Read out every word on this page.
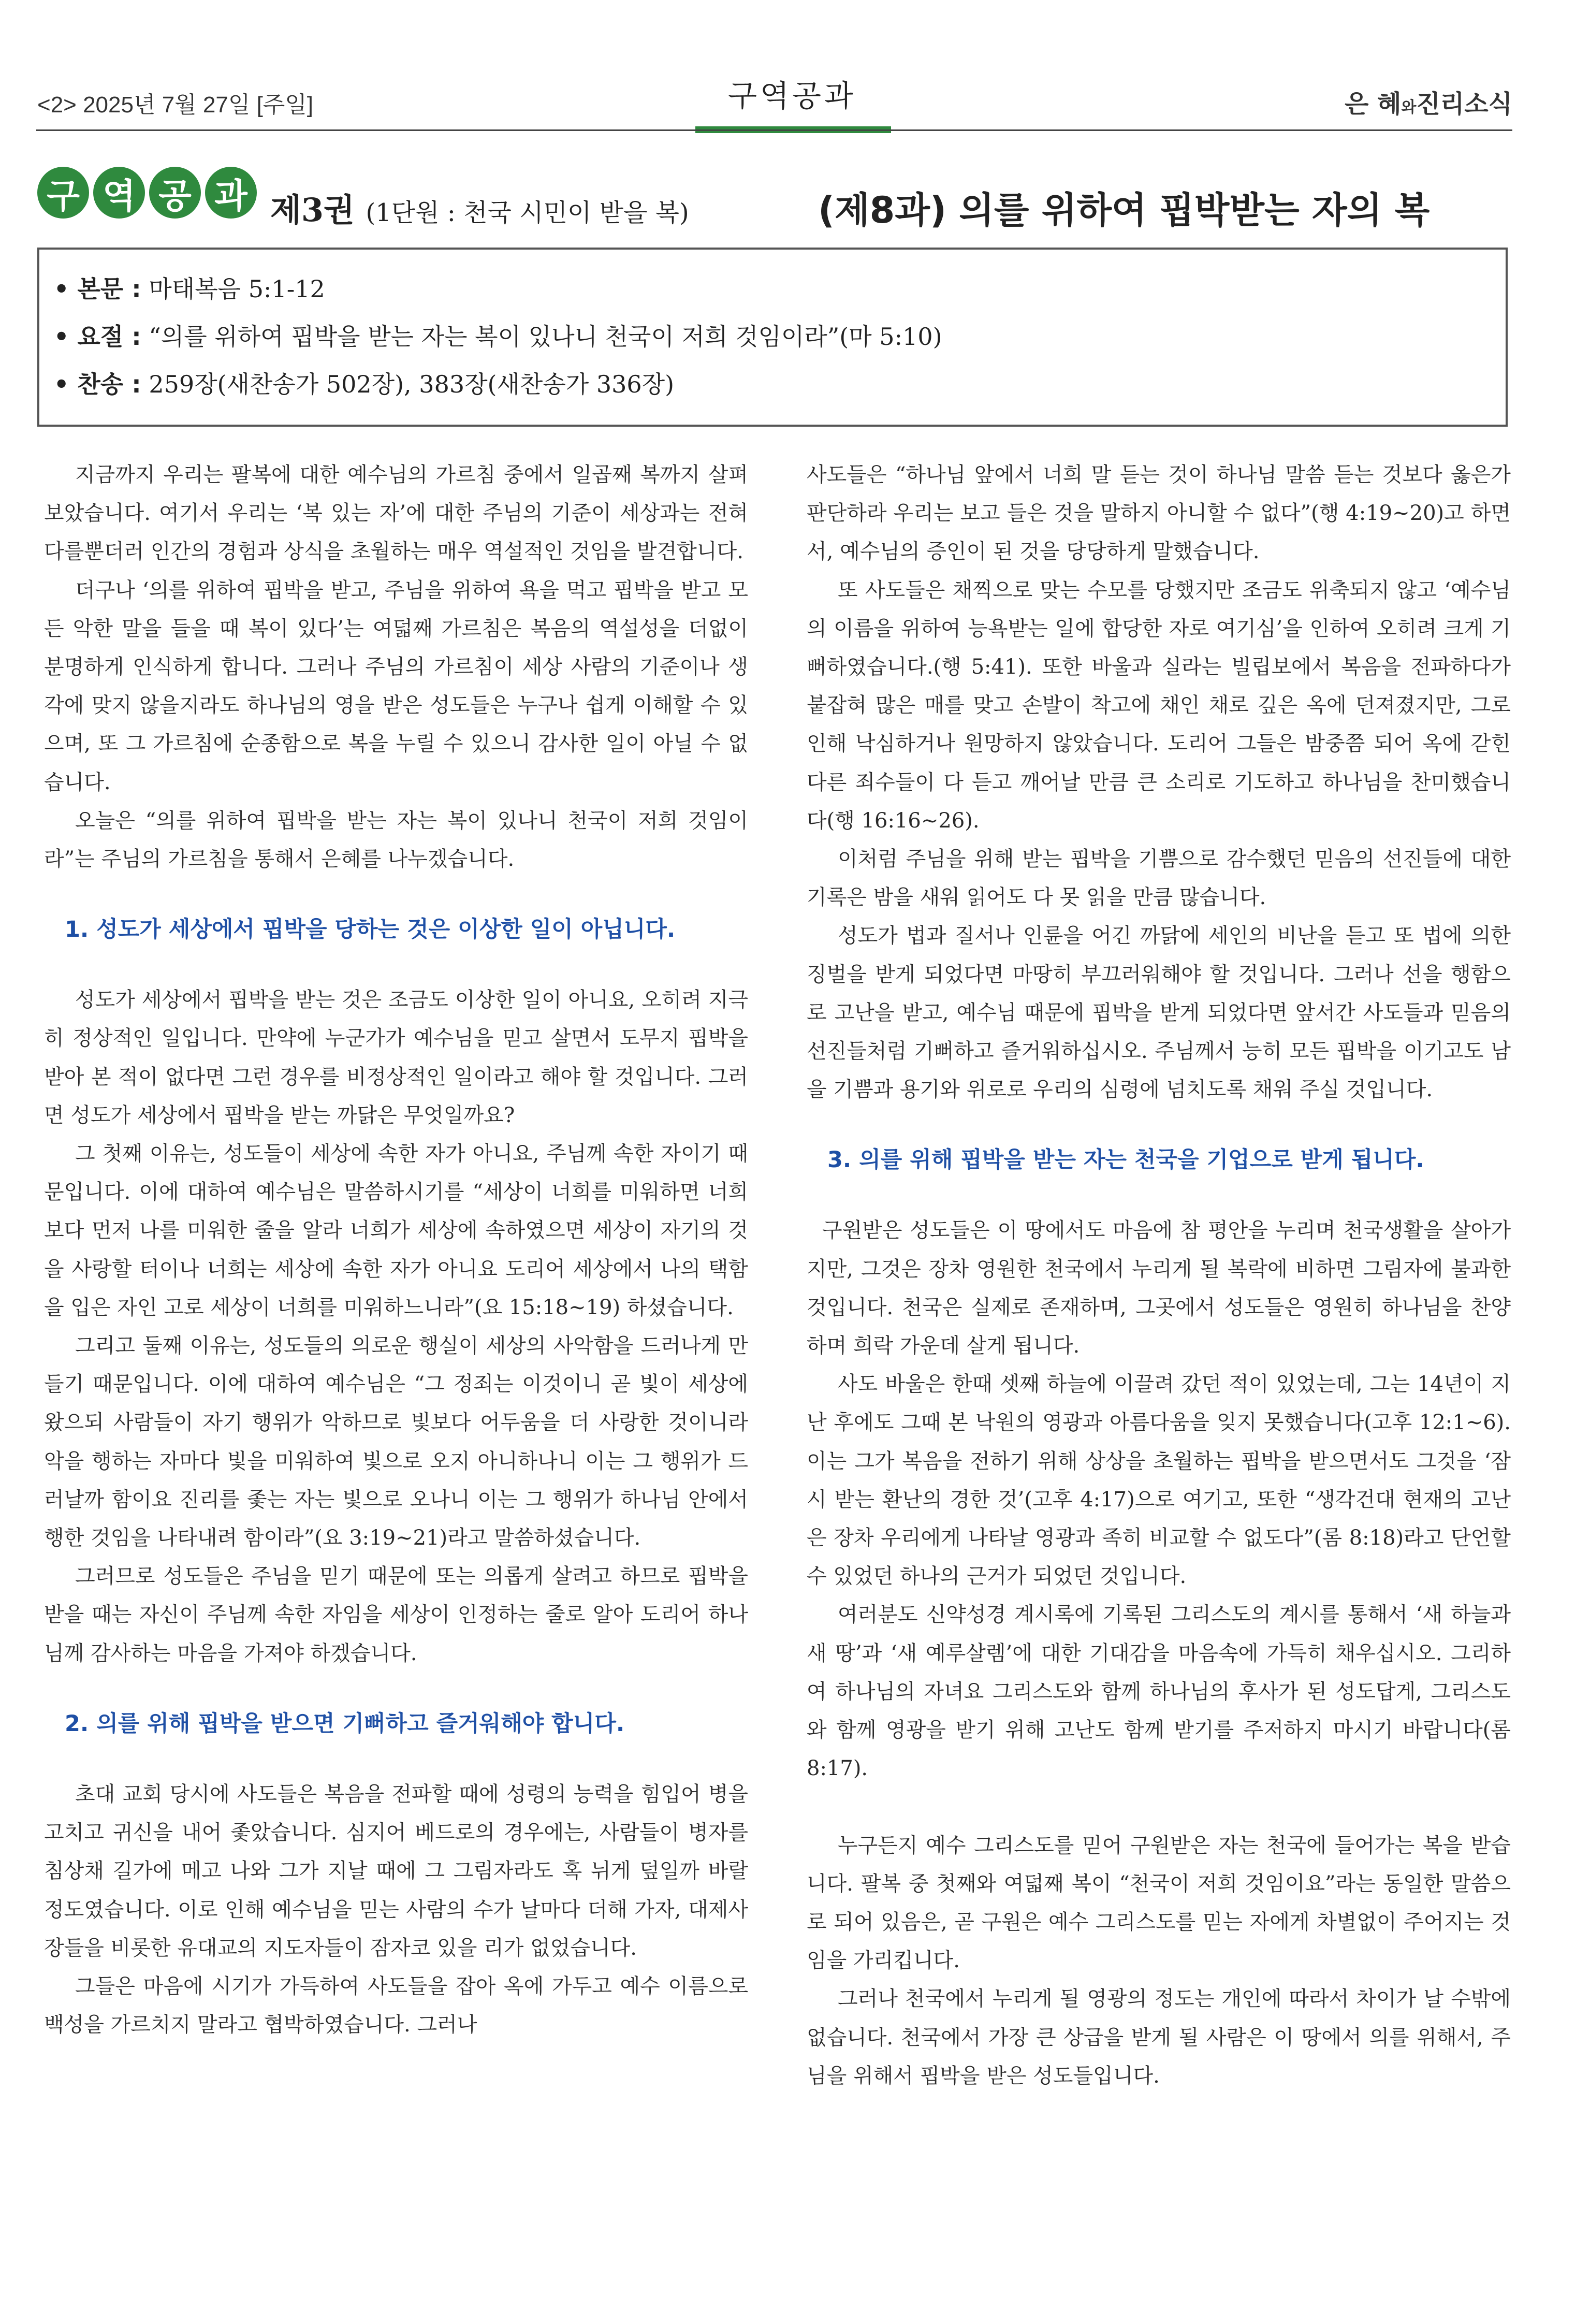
<2> 2025년 7월 27일 [주일]	구역공과	은 혜와진리소식
구 역 공 과 제3권 (1단원 : 천국 시민이 받을 복)	(제8과) 의를 위하여 핍박받는 자의 복
• 본문 : 마태복음 5:1-12
• 요절 : “의를 위하여 핍박을 받는 자는 복이 있나니 천국이 저희 것임이라”(마 5:10)
• 찬송 : 259장(새찬송가 502장), 383장(새찬송가 336장)

지금까지 우리는 팔복에 대한 예수님의 가르침 중에서 일곱째 복까지 살펴보았습니다. 여기서 우리는 ‘복 있는 자’에 대한 주님의 기준이 세상과는 전혀 다를뿐더러 인간의 경험과 상식을 초월하는 매우 역설적인 것임을 발견합니다.

더구나 ‘의를 위하여 핍박을 받고, 주님을 위하여 욕을 먹고 핍박을 받고 모든 악한 말을 들을 때 복이 있다’는 여덟째 가르침은 복음의 역설성을 더없이 분명하게 인식하게 합니다. 그러나 주님의 가르침이 세상 사람의 기준이나 생각에 맞지 않을지라도 하나님의 영을 받은 성도들은 누구나 쉽게 이해할 수 있으며, 또 그 가르침에 순종함으로 복을 누릴 수 있으니 감사한 일이 아닐 수 없습니다.

오늘은 “의를 위하여 핍박을 받는 자는 복이 있나니 천국이 저희 것임이라”는 주님의 가르침을 통해서 은혜를 나누겠습니다.

1. 성도가 세상에서 핍박을 당하는 것은 이상한 일이 아닙니다.

성도가 세상에서 핍박을 받는 것은 조금도 이상한 일이 아니요, 오히려 지극히 정상적인 일입니다. 만약에 누군가가 예수님을 믿고 살면서 도무지 핍박을 받아 본 적이 없다면 그런 경우를 비정상적인 일이라고 해야 할 것입니다. 그러면 성도가 세상에서 핍박을 받는 까닭은 무엇일까요?

그 첫째 이유는, 성도들이 세상에 속한 자가 아니요, 주님께 속한 자이기 때문입니다. 이에 대하여 예수님은 말씀하시기를 “세상이 너희를 미워하면 너희보다 먼저 나를 미워한 줄을 알라 너희가 세상에 속하였으면 세상이 자기의 것을 사랑할 터이나 너희는 세상에 속한 자가 아니요 도리어 세상에서 나의 택함을 입은 자인 고로 세상이 너희를 미워하느니라”(요 15:18∼19) 하셨습니다.

그리고 둘째 이유는, 성도들의 의로운 행실이 세상의 사악함을 드러나게 만들기 때문입니다. 이에 대하여 예수님은 “그 정죄는 이것이니 곧 빛이 세상에 왔으되 사람들이 자기 행위가 악하므로 빛보다 어두움을 더 사랑한 것이니라 악을 행하는 자마다 빛을 미워하여 빛으로 오지 아니하나니 이는 그 행위가 드러날까 함이요 진리를 좇는 자는 빛으로 오나니 이는 그 행위가 하나님 안에서 행한 것임을 나타내려 함이라”(요 3:19∼21)라고 말씀하셨습니다.

그러므로 성도들은 주님을 믿기 때문에 또는 의롭게 살려고 하므로 핍박을 받을 때는 자신이 주님께 속한 자임을 세상이 인정하는 줄로 알아 도리어 하나님께 감사하는 마음을 가져야 하겠습니다.

2. 의를 위해 핍박을 받으면 기뻐하고 즐거워해야 합니다.

초대 교회 당시에 사도들은 복음을 전파할 때에 성령의 능력을 힘입어 병을 고치고 귀신을 내어 좇았습니다. 심지어 베드로의 경우에는, 사람들이 병자를 침상채 길가에 메고 나와 그가 지날 때에 그 그림자라도 혹 뉘게 덮일까 바랄 정도였습니다. 이로 인해 예수님을 믿는 사람의 수가 날마다 더해 가자, 대제사장들을 비롯한 유대교의 지도자들이 잠자코 있을 리가 없었습니다.

그들은 마음에 시기가 가득하여 사도들을 잡아 옥에 가두고 예수 이름으로 백성을 가르치지 말라고 협박하였습니다. 그러나

사도들은 “하나님 앞에서 너희 말 듣는 것이 하나님 말씀 듣는 것보다 옳은가 판단하라 우리는 보고 들은 것을 말하지 아니할 수 없다”(행 4:19∼20)고 하면서, 예수님의 증인이 된 것을 당당하게 말했습니다.

또 사도들은 채찍으로 맞는 수모를 당했지만 조금도 위축되지 않고 ‘예수님의 이름을 위하여 능욕받는 일에 합당한 자로 여기심’을 인하여 오히려 크게 기뻐하였습니다.(행 5:41). 또한 바울과 실라는 빌립보에서 복음을 전파하다가 붙잡혀 많은 매를 맞고 손발이 착고에 채인 채로 깊은 옥에 던져졌지만, 그로 인해 낙심하거나 원망하지 않았습니다. 도리어 그들은 밤중쯤 되어 옥에 갇힌 다른 죄수들이 다 듣고 깨어날 만큼 큰 소리로 기도하고 하나님을 찬미했습니다(행 16:16∼26).

이처럼 주님을 위해 받는 핍박을 기쁨으로 감수했던 믿음의 선진들에 대한 기록은 밤을 새워 읽어도 다 못 읽을 만큼 많습니다.

성도가 법과 질서나 인륜을 어긴 까닭에 세인의 비난을 듣고 또 법에 의한 징벌을 받게 되었다면 마땅히 부끄러워해야 할 것입니다. 그러나 선을 행함으로 고난을 받고, 예수님 때문에 핍박을 받게 되었다면 앞서간 사도들과 믿음의 선진들처럼 기뻐하고 즐거워하십시오. 주님께서 능히 모든 핍박을 이기고도 남을 기쁨과 용기와 위로로 우리의 심령에 넘치도록 채워 주실 것입니다.

3. 의를 위해 핍박을 받는 자는 천국을 기업으로 받게 됩니다.

구원받은 성도들은 이 땅에서도 마음에 참 평안을 누리며 천국생활을 살아가지만, 그것은 장차 영원한 천국에서 누리게 될 복락에 비하면 그림자에 불과한 것입니다. 천국은 실제로 존재하며, 그곳에서 성도들은 영원히 하나님을 찬양하며 희락 가운데 살게 됩니다.

사도 바울은 한때 셋째 하늘에 이끌려 갔던 적이 있었는데, 그는 14년이 지난 후에도 그때 본 낙원의 영광과 아름다움을 잊지 못했습니다(고후 12:1∼6). 이는 그가 복음을 전하기 위해 상상을 초월하는 핍박을 받으면서도 그것을 ‘잠시 받는 환난의 경한 것’(고후 4:17)으로 여기고, 또한 “생각건대 현재의 고난은 장차 우리에게 나타날 영광과 족히 비교할 수 없도다”(롬 8:18)라고 단언할 수 있었던 하나의 근거가 되었던 것입니다.

여러분도 신약성경 계시록에 기록된 그리스도의 계시를 통해서 ‘새 하늘과 새 땅’과 ‘새 예루살렘’에 대한 기대감을 마음속에 가득히 채우십시오. 그리하여 하나님의 자녀요 그리스도와 함께 하나님의 후사가 된 성도답게, 그리스도와 함께 영광을 받기 위해 고난도 함께 받기를 주저하지 마시기 바랍니다(롬 8:17).

누구든지 예수 그리스도를 믿어 구원받은 자는 천국에 들어가는 복을 받습니다. 팔복 중 첫째와 여덟째 복이 “천국이 저희 것임이요”라는 동일한 말씀으로 되어 있음은, 곧 구원은 예수 그리스도를 믿는 자에게 차별없이 주어지는 것임을 가리킵니다.

그러나 천국에서 누리게 될 영광의 정도는 개인에 따라서 차이가 날 수밖에 없습니다. 천국에서 가장 큰 상급을 받게 될 사람은 이 땅에서 의를 위해서, 주님을 위해서 핍박을 받은 성도들입니다.
